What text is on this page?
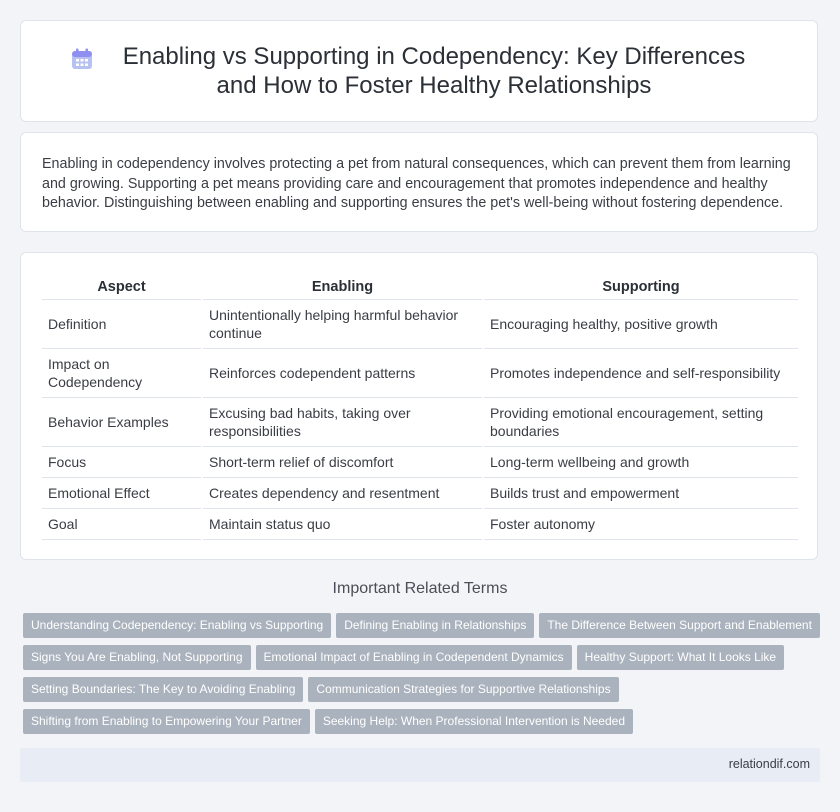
Enabling vs Supporting in Codependency: Key Differences and How to Foster Healthy Relationships

Enabling in codependency involves protecting a pet from natural consequences, which can prevent them from learning and growing. Supporting a pet means providing care and encouragement that promotes independence and healthy behavior. Distinguishing between enabling and supporting ensures the pet's well-being without fostering dependence.

Aspect	Enabling	Supporting
Definition	Unintentionally helping harmful behavior continue	Encouraging healthy, positive growth
Impact on Codependency	Reinforces codependent patterns	Promotes independence and self-responsibility
Behavior Examples	Excusing bad habits, taking over responsibilities	Providing emotional encouragement, setting boundaries
Focus	Short-term relief of discomfort	Long-term wellbeing and growth
Emotional Effect	Creates dependency and resentment	Builds trust and empowerment
Goal	Maintain status quo	Foster autonomy
Important Related Terms
Understanding Codependency: Enabling vs Supporting Defining Enabling in Relationships The Difference Between Support and Enablement
Signs You Are Enabling, Not Supporting Emotional Impact of Enabling in Codependent Dynamics Healthy Support: What It Looks Like
Setting Boundaries: The Key to Avoiding Enabling Communication Strategies for Supportive Relationships
Shifting from Enabling to Empowering Your Partner Seeking Help: When Professional Intervention is Needed
relationdif.com
